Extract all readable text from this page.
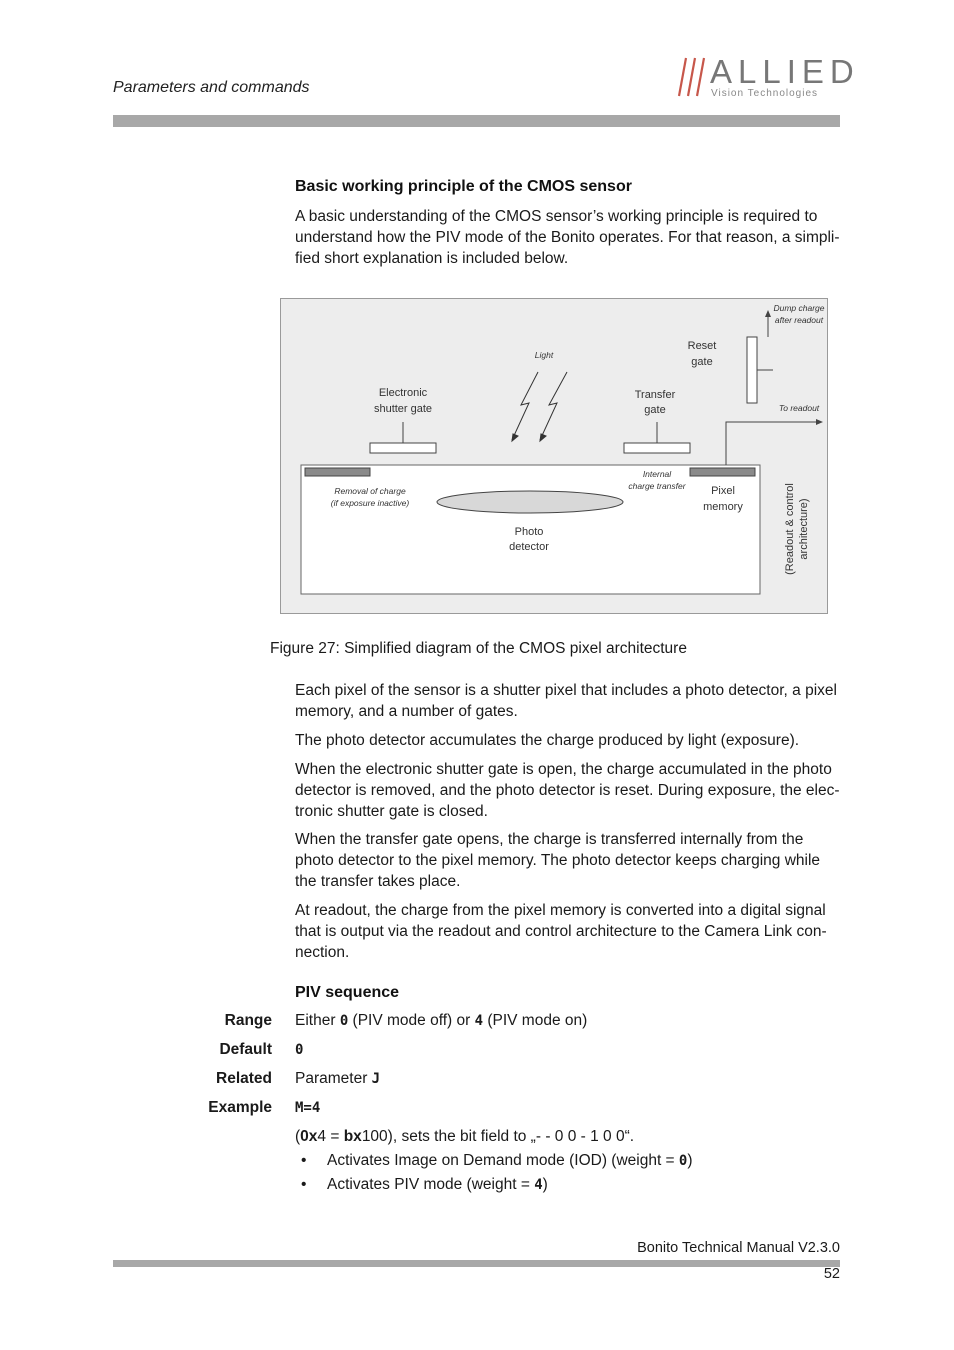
Parameters and commands	ALLIED
Vision Technologies
Basic working principle of the CMOS sensor
A basic understanding of the CMOS sensor’s working principle is required to
understand how the PIV mode of the Bonito operates. For that reason, a simpli-
fied short explanation is included below.
Dump charge
after readout
Reset
gate
Light
Electronic
shutter gate
Transfer
gate	To readout
Internal
charge transfer
Removal of charge
(if exposure inactive)
Pixel
memory
Photo
detector	(Readout & control architecture)
Figure 27: Simplified diagram of the CMOS pixel architecture
Each pixel of the sensor is a shutter pixel that includes a photo detector, a pixel
memory, and a number of gates.
The photo detector accumulates the charge produced by light (exposure).
When the electronic shutter gate is open, the charge accumulated in the photo
detector is removed, and the photo detector is reset. During exposure, the elec-
tronic shutter gate is closed.
When the transfer gate opens, the charge is transferred internally from the
photo detector to the pixel memory. The photo detector keeps charging while
the transfer takes place.
At readout, the charge from the pixel memory is converted into a digital signal
that is output via the readout and control architecture to the Camera Link con-
nection.
PIV sequence
Range Either 0 (PIV mode off) or 4 (PIV mode on)
Default 0
Related Parameter J
Example M=4
(0x4 = bx100), sets the bit field to „- - 0 0 - 1 0 0“.
• Activates Image on Demand mode (IOD) (weight = 0)
• Activates PIV mode (weight = 4)
Bonito Technical Manual V2.3.0
52
